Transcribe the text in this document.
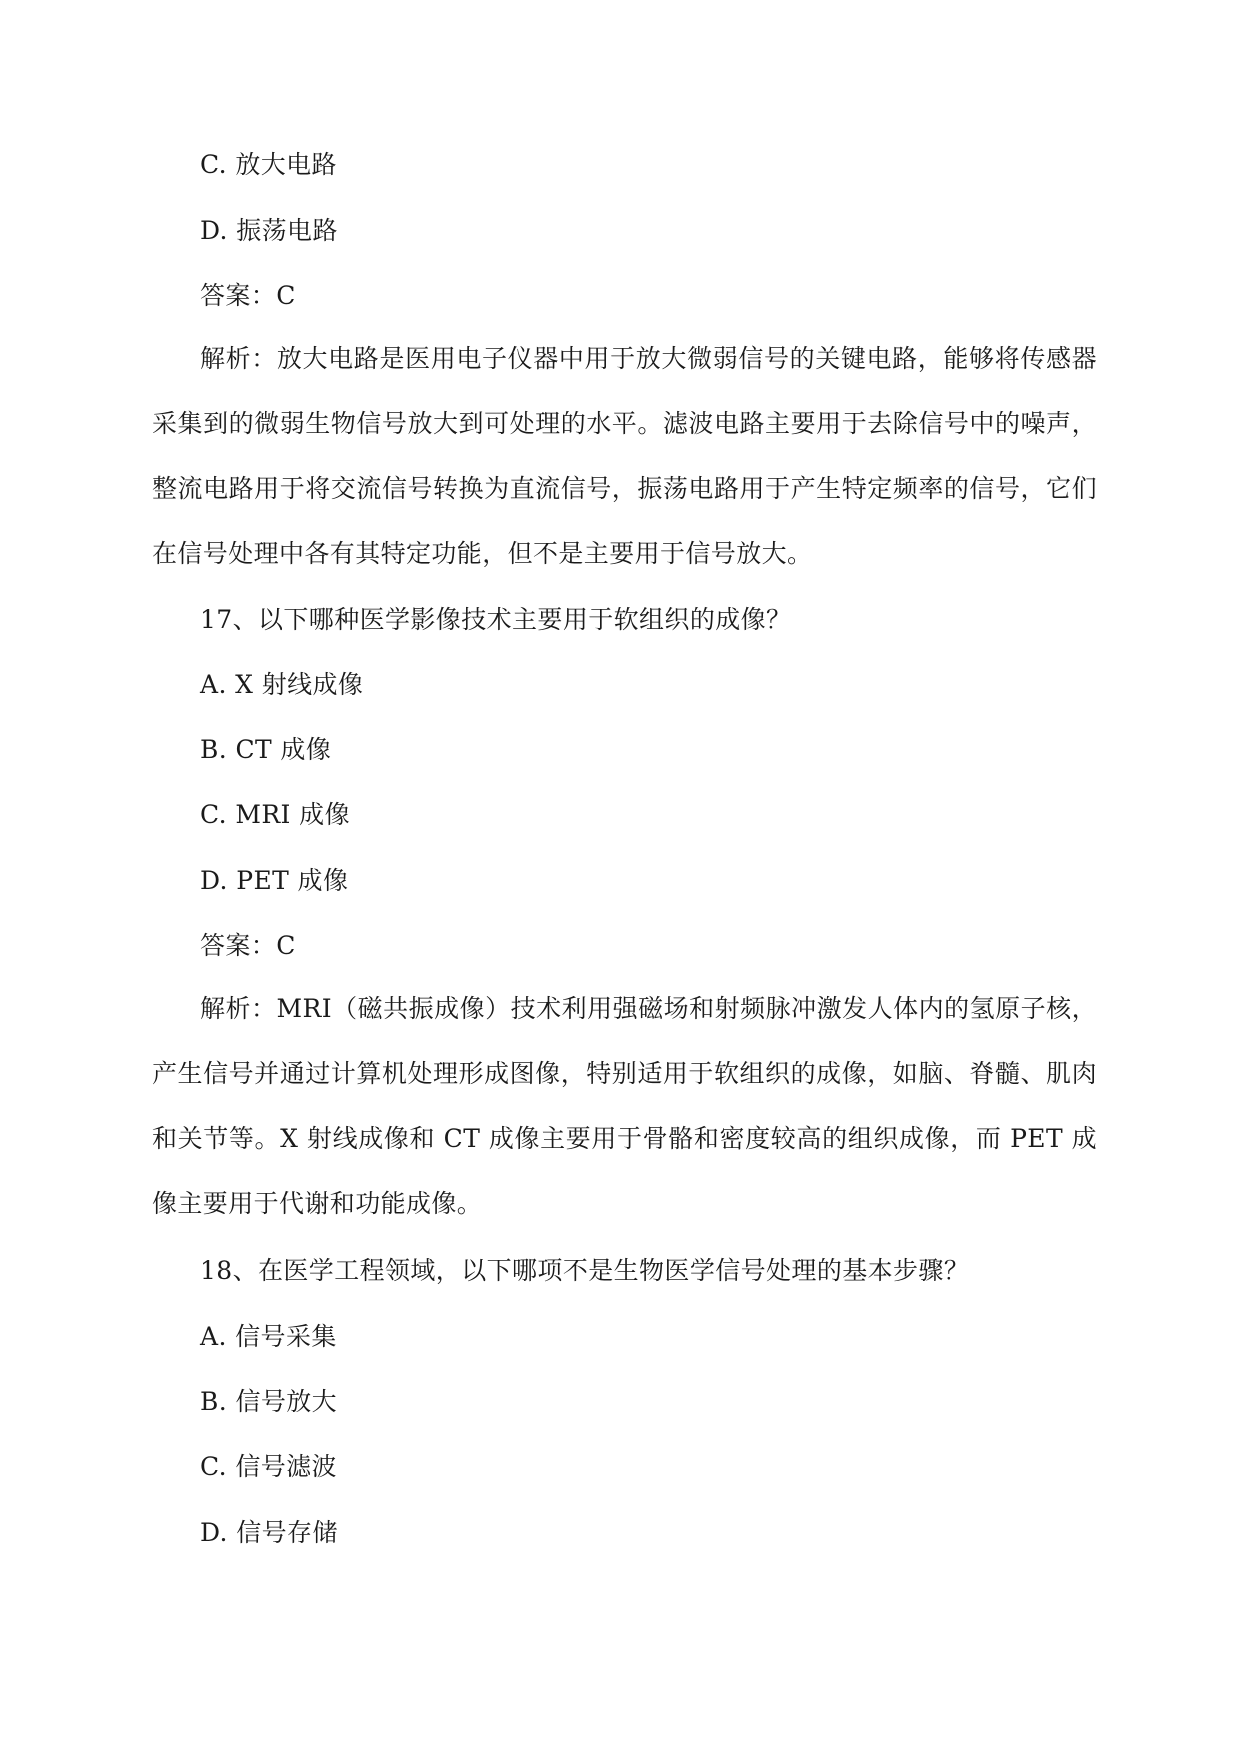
C. 放大电路
D. 振荡电路
答案：C
解析：放大电路是医用电子仪器中用于放大微弱信号的关键电路，能够将传感器采集到的微弱生物信号放大到可处理的水平。滤波电路主要用于去除信号中的噪声，整流电路用于将交流信号转换为直流信号，振荡电路用于产生特定频率的信号，它们在信号处理中各有其特定功能，但不是主要用于信号放大。
17、以下哪种医学影像技术主要用于软组织的成像？
A. X 射线成像
B. CT 成像
C. MRI 成像
D. PET 成像
答案：C
解析：MRI（磁共振成像）技术利用强磁场和射频脉冲激发人体内的氢原子核，产生信号并通过计算机处理形成图像，特别适用于软组织的成像，如脑、脊髓、肌肉和关节等。X 射线成像和 CT 成像主要用于骨骼和密度较高的组织成像，而 PET 成像主要用于代谢和功能成像。
18、在医学工程领域，以下哪项不是生物医学信号处理的基本步骤？
A. 信号采集
B. 信号放大
C. 信号滤波
D. 信号存储
